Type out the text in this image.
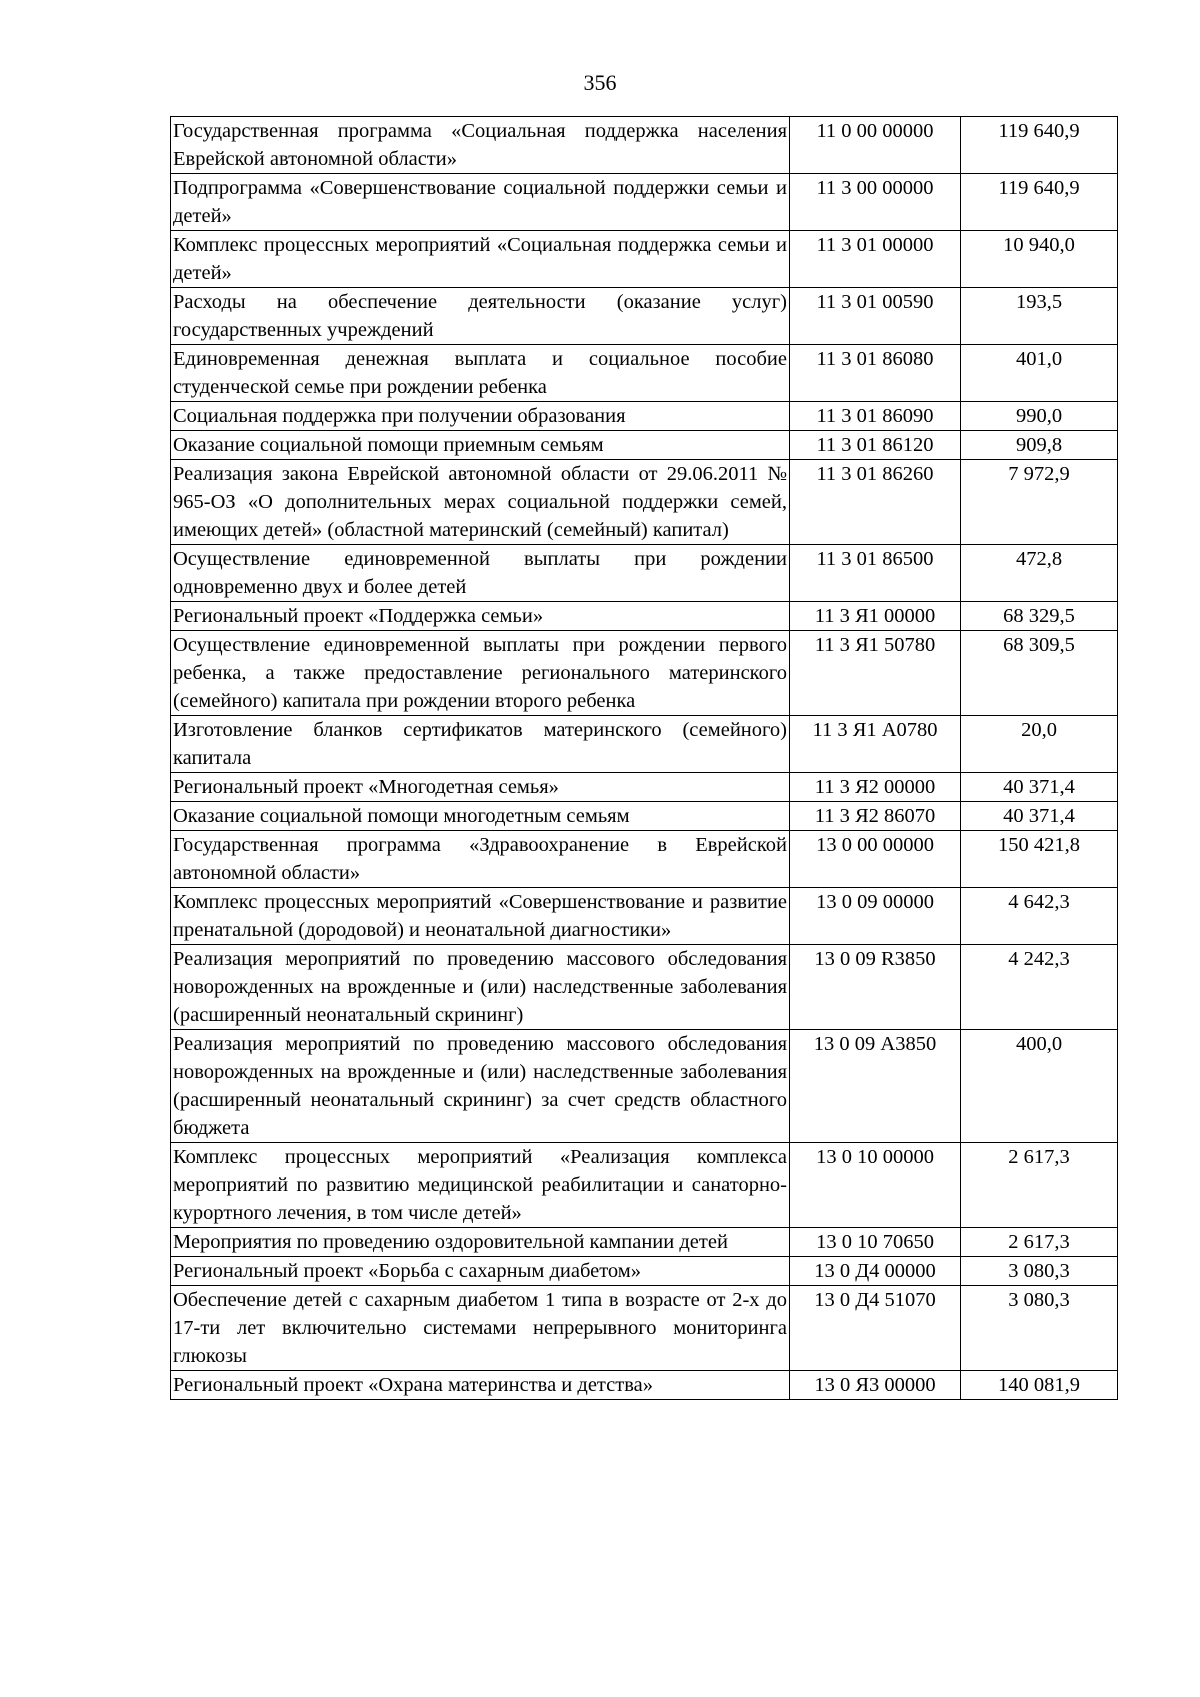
356
Государственная программа «Социальная поддержка населения Еврейской автономной области»	11 0 00 00000	119 640,9
Подпрограмма «Совершенствование социальной поддержки семьи и детей»	11 3 00 00000	119 640,9
Комплекс процессных мероприятий «Социальная поддержка семьи и детей»	11 3 01 00000	10 940,0
Расходы на обеспечение деятельности (оказание услуг) государственных учреждений	11 3 01 00590	193,5
Единовременная денежная выплата и социальное пособие студенческой семье при рождении ребенка	11 3 01 86080	401,0
Социальная поддержка при получении образования	11 3 01 86090	990,0
Оказание социальной помощи приемным семьям	11 3 01 86120	909,8
Реализация закона Еврейской автономной области от 29.06.2011 № 965-ОЗ «О дополнительных мерах социальной поддержки семей, имеющих детей» (областной материнский (семейный) капитал)	11 3 01 86260	7 972,9
Осуществление единовременной выплаты при рождении одновременно двух и более детей	11 3 01 86500	472,8
Региональный проект «Поддержка семьи»	11 3 Я1 00000	68 329,5
Осуществление единовременной выплаты при рождении первого ребенка, а также предоставление регионального материнского (семейного) капитала при рождении второго ребенка	11 3 Я1 50780	68 309,5
Изготовление бланков сертификатов материнского (семейного) капитала	11 3 Я1 А0780	20,0
Региональный проект «Многодетная семья»	11 3 Я2 00000	40 371,4
Оказание социальной помощи многодетным семьям	11 3 Я2 86070	40 371,4
Государственная программа «Здравоохранение в Еврейской автономной области»	13 0 00 00000	150 421,8
Комплекс процессных мероприятий «Совершенствование и развитие пренатальной (дородовой) и неонатальной диагностики»	13 0 09 00000	4 642,3
Реализация мероприятий по проведению массового обследования новорожденных на врожденные и (или) наследственные заболевания (расширенный неонатальный скрининг)	13 0 09 R3850	4 242,3
Реализация мероприятий по проведению массового обследования новорожденных на врожденные и (или) наследственные заболевания (расширенный неонатальный скрининг) за счет средств областного бюджета	13 0 09 А3850	400,0
Комплекс процессных мероприятий «Реализация комплекса мероприятий по развитию медицинской реабилитации и санаторно-курортного лечения, в том числе детей»	13 0 10 00000	2 617,3
Мероприятия по проведению оздоровительной кампании детей	13 0 10 70650	2 617,3
Региональный проект «Борьба с сахарным диабетом»	13 0 Д4 00000	3 080,3
Обеспечение детей с сахарным диабетом 1 типа в возрасте от 2-х до 17-ти лет включительно системами непрерывного мониторинга глюкозы	13 0 Д4 51070	3 080,3
Региональный проект «Охрана материнства и детства»	13 0 Я3 00000	140 081,9
